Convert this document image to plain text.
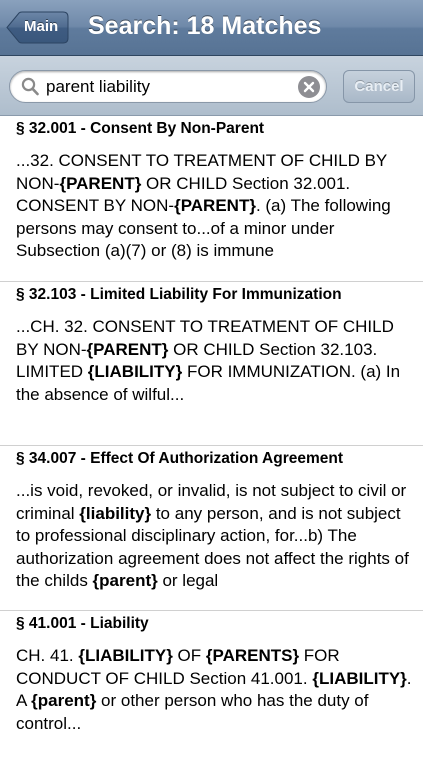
Main Search: 18 Matches
parent liability
Cancel
§ 32.001 - Consent By Non-Parent
...32. CONSENT TO TREATMENT OF CHILD BY NON-{PARENT} OR CHILD Section 32.001. CONSENT BY NON-{PARENT}. (a) The following persons may consent to...of a minor under Subsection (a)(7) or (8) is immune
§ 32.103 - Limited Liability For Immunization
...CH. 32. CONSENT TO TREATMENT OF CHILD BY NON-{PARENT} OR CHILD Section 32.103. LIMITED {LIABILITY} FOR IMMUNIZATION. (a) In the absence of wilful...
§ 34.007 - Effect Of Authorization Agreement
...is void, revoked, or invalid, is not subject to civil or criminal {liability} to any person, and is not subject to professional disciplinary action, for...b) The authorization agreement does not affect the rights of the childs {parent} or legal
§ 41.001 - Liability
CH. 41. {LIABILITY} OF {PARENTS} FOR CONDUCT OF CHILD Section 41.001. {LIABILITY}. A {parent} or other person who has the duty of control...
